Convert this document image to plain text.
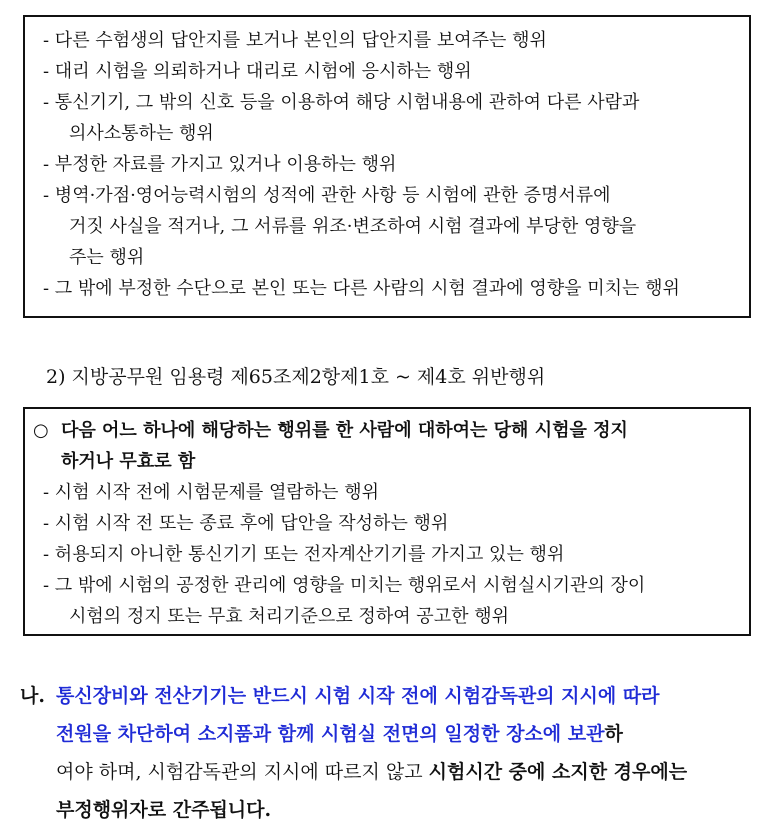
- 다른 수험생의 답안지를 보거나 본인의 답안지를 보여주는 행위
- 대리 시험을 의뢰하거나 대리로 시험에 응시하는 행위
- 통신기기, 그 밖의 신호 등을 이용하여 해당 시험내용에 관하여 다른 사람과
의사소통하는 행위
- 부정한 자료를 가지고 있거나 이용하는 행위
- 병역·가점·영어능력시험의 성적에 관한 사항 등 시험에 관한 증명서류에
거짓 사실을 적거나, 그 서류를 위조·변조하여 시험 결과에 부당한 영향을
주는 행위
- 그 밖에 부정한 수단으로 본인 또는 다른 사람의 시험 결과에 영향을 미치는 행위
2) 지방공무원 임용령 제65조제2항제1호 ~ 제4호 위반행위
○ 다음 어느 하나에 해당하는 행위를 한 사람에 대하여는 당해 시험을 정지
하거나 무효로 함
- 시험 시작 전에 시험문제를 열람하는 행위
- 시험 시작 전 또는 종료 후에 답안을 작성하는 행위
- 허용되지 아니한 통신기기 또는 전자계산기기를 가지고 있는 행위
- 그 밖에 시험의 공정한 관리에 영향을 미치는 행위로서 시험실시기관의 장이
시험의 정지 또는 무효 처리기준으로 정하여 공고한 행위
나. 통신장비와 전산기기는 반드시 시험 시작 전에 시험감독관의 지시에 따라
전원을 차단하여 소지품과 함께 시험실 전면의 일정한 장소에 보관하
여야 하며, 시험감독관의 지시에 따르지 않고 시험시간 중에 소지한 경우에는
부정행위자로 간주됩니다.
